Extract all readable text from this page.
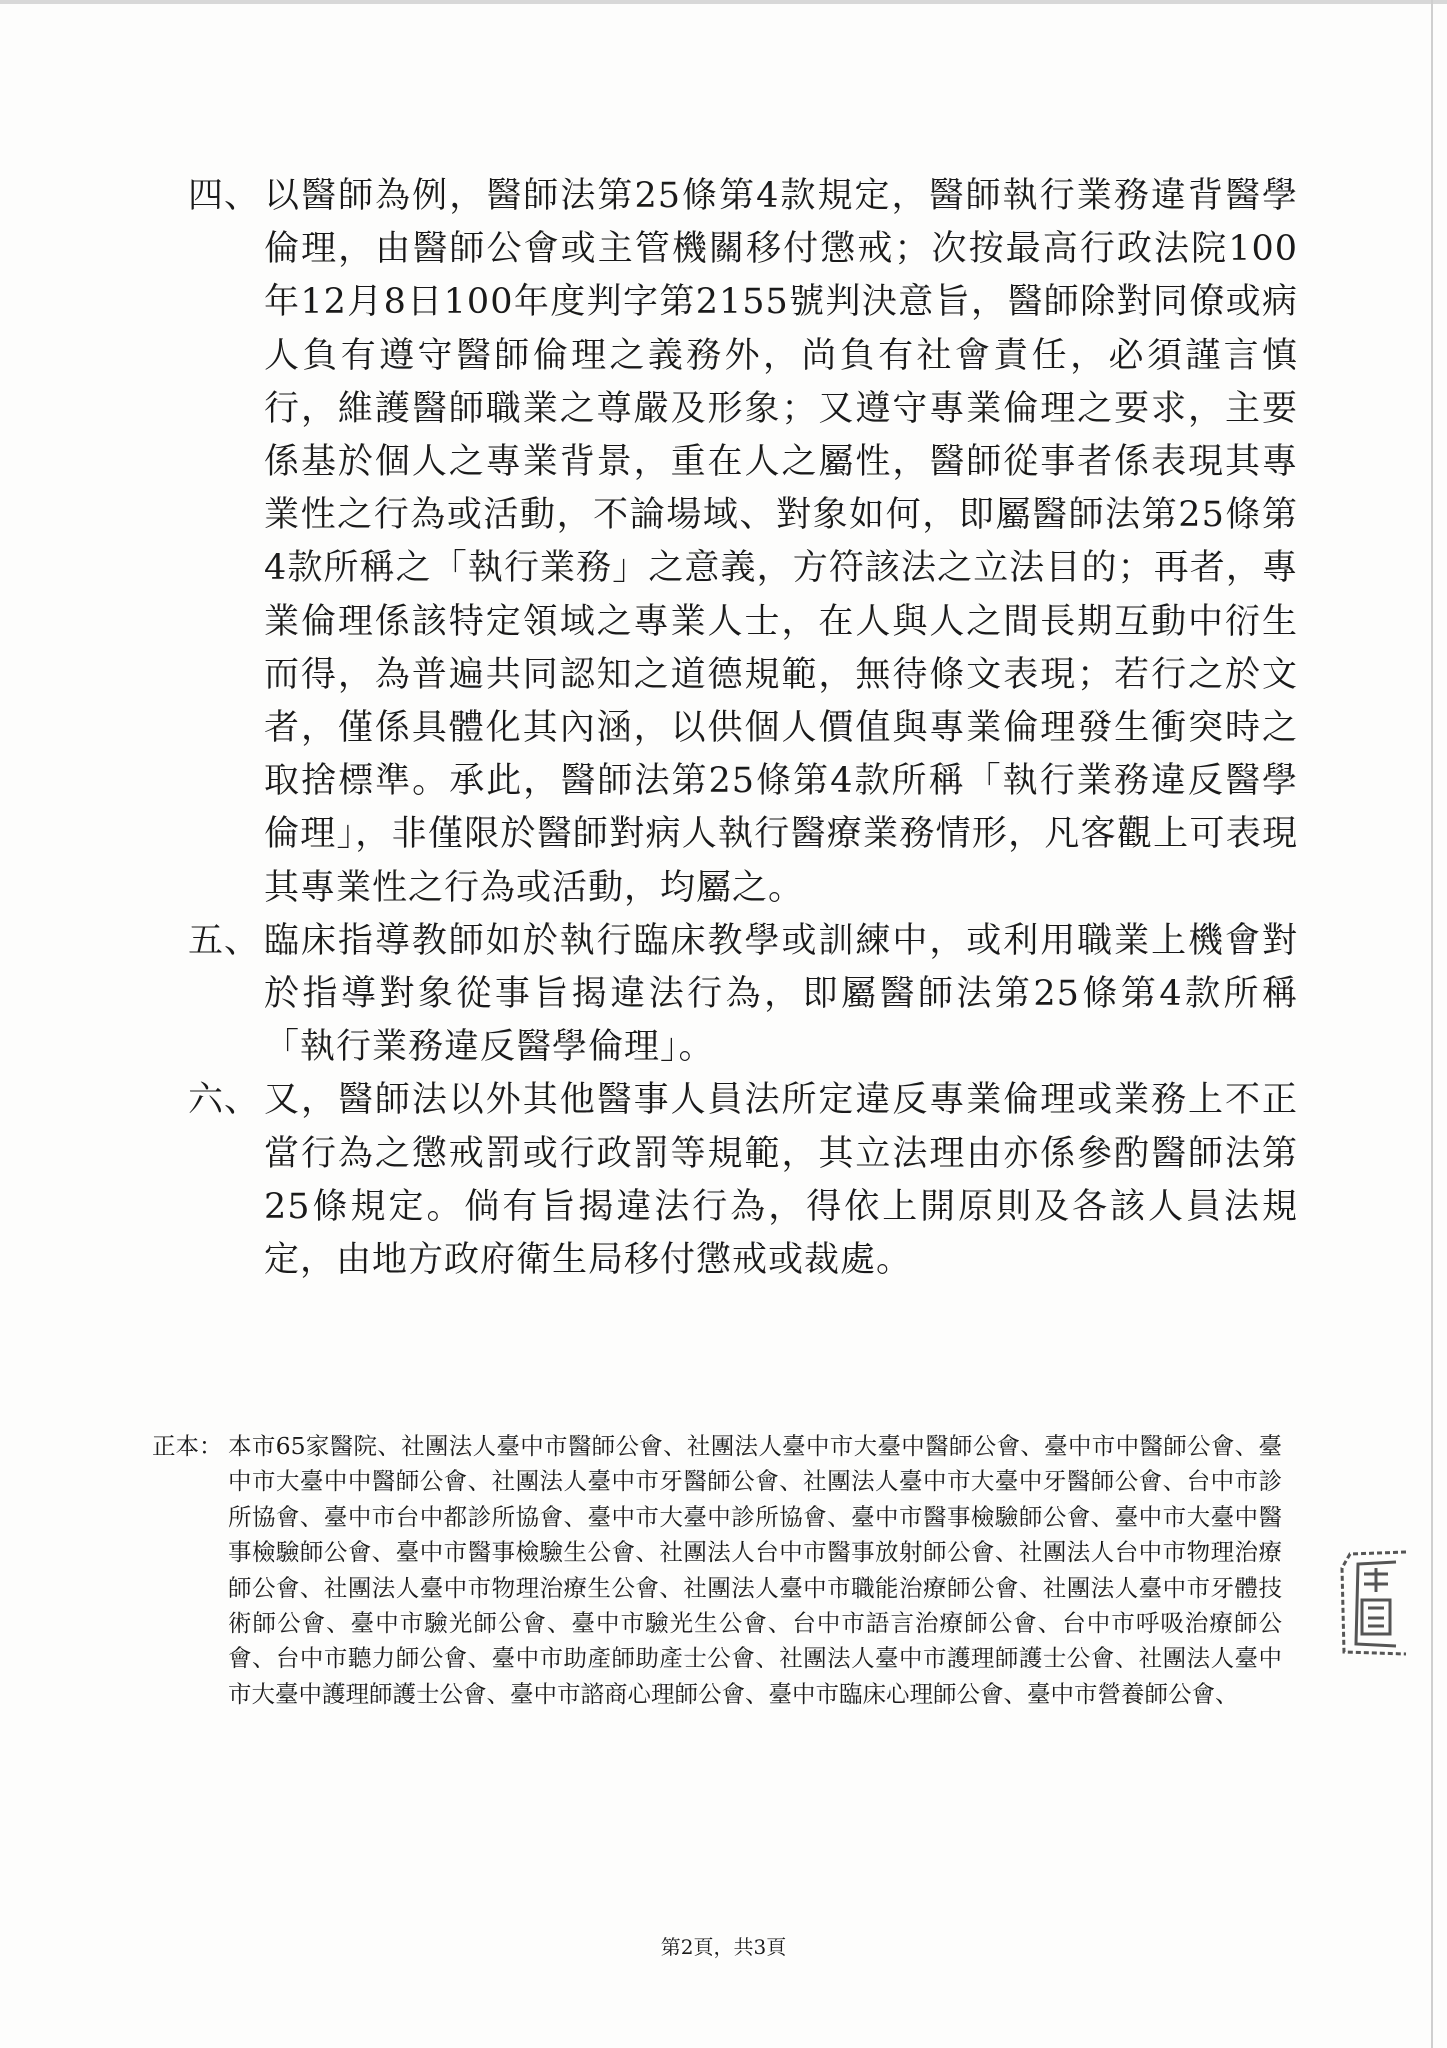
四、 以醫師為例，醫師法第25條第4款規定，醫師執行業務違背醫學倫理，由醫師公會或主管機關移付懲戒；次按最高行政法院100年12月8日100年度判字第2155號判決意旨，醫師除對同僚或病人負有遵守醫師倫理之義務外，尚負有社會責任，必須謹言慎行，維護醫師職業之尊嚴及形象；又遵守專業倫理之要求，主要係基於個人之專業背景，重在人之屬性，醫師從事者係表現其專業性之行為或活動，不論場域、對象如何，即屬醫師法第25條第4款所稱之「執行業務」之意義，方符該法之立法目的；再者，專業倫理係該特定領域之專業人士，在人與人之間長期互動中衍生而得，為普遍共同認知之道德規範，無待條文表現；若行之於文者，僅係具體化其內涵，以供個人價值與專業倫理發生衝突時之取捨標準。承此，醫師法第25條第4款所稱「執行業務違反醫學倫理」，非僅限於醫師對病人執行醫療業務情形，凡客觀上可表現其專業性之行為或活動，均屬之。
五、 臨床指導教師如於執行臨床教學或訓練中，或利用職業上機會對於指導對象從事旨揭違法行為，即屬醫師法第25條第4款所稱「執行業務違反醫學倫理」。
六、 又，醫師法以外其他醫事人員法所定違反專業倫理或業務上不正當行為之懲戒罰或行政罰等規範，其立法理由亦係參酌醫師法第25條規定。倘有旨揭違法行為，得依上開原則及各該人員法規定，由地方政府衛生局移付懲戒或裁處。
正本： 本市65家醫院、社團法人臺中市醫師公會、社團法人臺中市大臺中醫師公會、臺中市中醫師公會、臺中市大臺中中醫師公會、社團法人臺中市牙醫師公會、社團法人臺中市大臺中牙醫師公會、台中市診所協會、臺中市台中都診所協會、臺中市大臺中診所協會、臺中市醫事檢驗師公會、臺中市大臺中醫事檢驗師公會、臺中市醫事檢驗生公會、社團法人台中市醫事放射師公會、社團法人台中市物理治療師公會、社團法人臺中市物理治療生公會、社團法人臺中市職能治療師公會、社團法人臺中市牙體技術師公會、臺中市驗光師公會、臺中市驗光生公會、台中市語言治療師公會、台中市呼吸治療師公會、台中市聽力師公會、臺中市助產師助產士公會、社團法人臺中市護理師護士公會、社團法人臺中市大臺中護理師護士公會、臺中市諮商心理師公會、臺中市臨床心理師公會、臺中市營養師公會、
第2頁，共3頁
